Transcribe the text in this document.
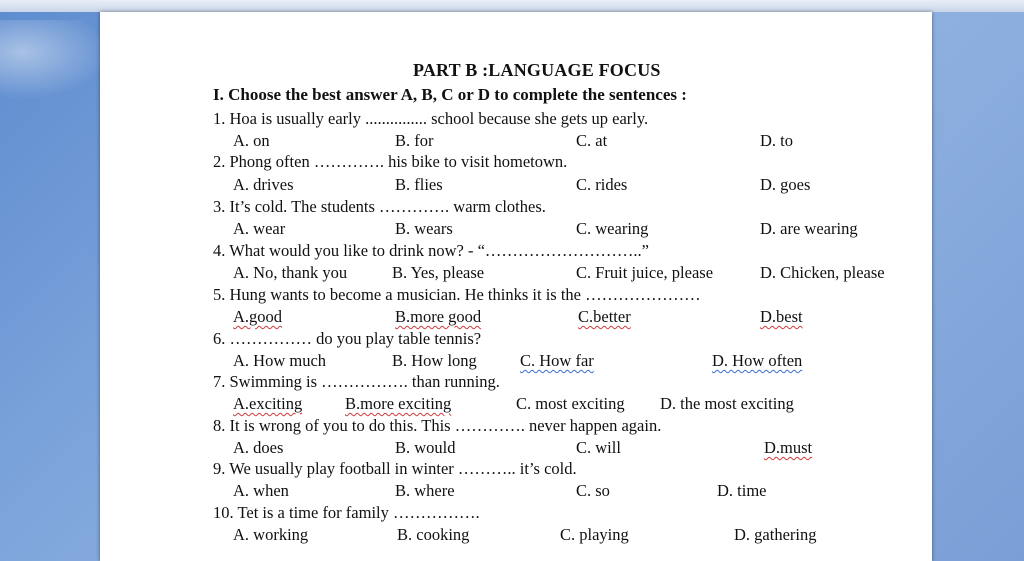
PART B :LANGUAGE FOCUS
I. Choose the best answer A, B, C or D to complete the sentences :
1. Hoa is usually early ............... school because she gets up early.
A. on	B. for	C. at	D. to
2. Phong often …………. his bike to visit hometown.
A. drives	B. flies	C. rides	D. goes
3. It’s cold. The students …………. warm clothes.
A. wear	B. wears	C. wearing	D. are wearing
4. What would you like to drink now? - “………………………..”
A. No, thank you	B. Yes, please	C. Fruit juice, please	D. Chicken, please
5. Hung wants to become a musician. He thinks it is the …………………
A.good	B.more good	C.better	D.best
6. …………… do you play table tennis?
A. How much	B. How long	C. How far	D. How often
7. Swimming is ……………. than running.
A.exciting	B.more exciting	C. most exciting D. the most exciting
8. It is wrong of you to do this. This …………. never happen again.
A. does	B. would	C. will	D.must
9. We usually play football in winter ……….. it’s cold.
A. when	B. where	C. so	D. time
10. Tet is a time for family …………….
A. working	B. cooking	C. playing	D. gathering
